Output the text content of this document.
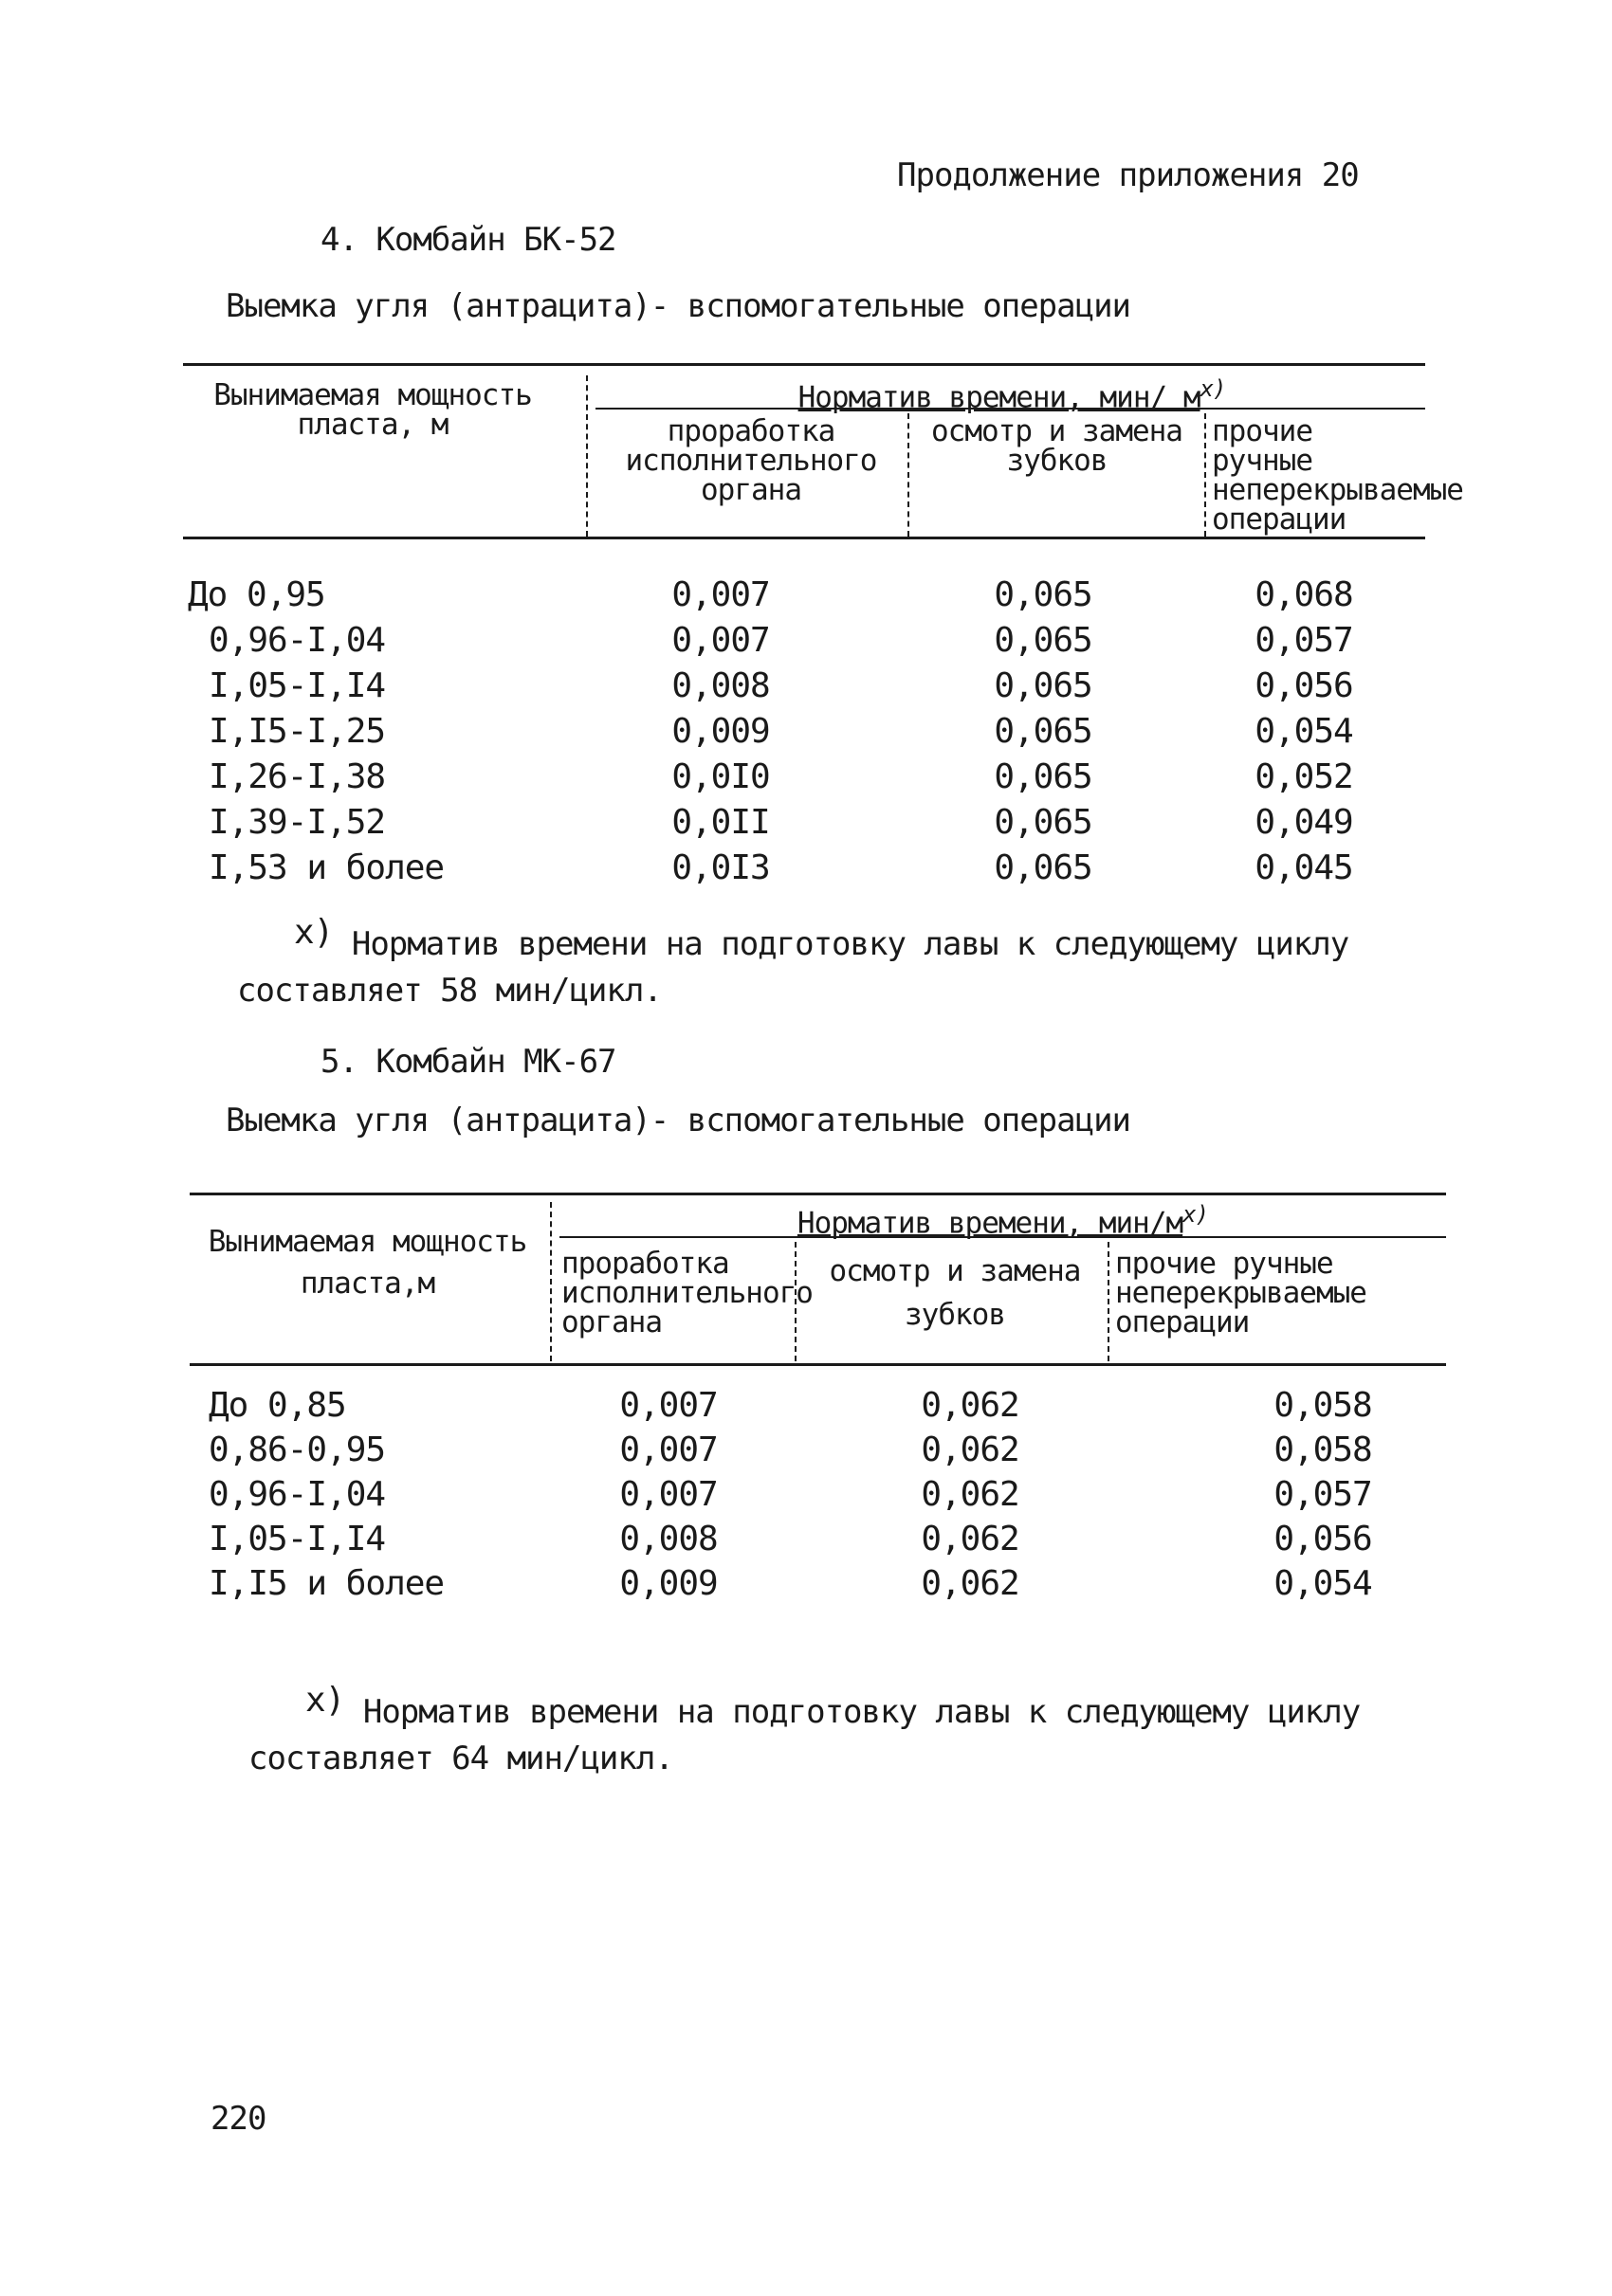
Продолжение приложения 20
4. Комбайн БК-52
Выемка угля (антрацита)- вспомогательные операции
Вынимаемая мощность пласта, м
Норматив времени, мин/ $м^{х)}$
проработка исполнительного органа
осмотр и замена зубков
прочие ручные неперекрываемые операции
До 0,95	0,007	0,065	0,068
0,96-I,04	0,007	0,065	0,057
I,05-I,I4	0,008	0,065	0,056
I,I5-I,25	0,009	0,065	0,054
I,26-I,38	0,0I0	0,065	0,052
I,39-I,52	0,0II	0,065	0,049
I,53 и более	0,0I3	0,065	0,045
х) Норматив времени на подготовку лавы к следующему циклу
составляет 58 мин/цикл.
5. Комбайн МК-67
Выемка угля (антрацита)- вспомогательные операции
Вынимаемая мощность пласта,м
Норматив времени, мин/$м^{х)}$
проработка исполнительного органа
осмотр и замена зубков
прочие ручные неперекрываемые операции
До 0,85	0,007	0,062	0,058
0,86-0,95	0,007	0,062	0,058
0,96-I,04	0,007	0,062	0,057
I,05-I,I4	0,008	0,062	0,056
I,I5 и более	0,009	0,062	0,054
х) Норматив времени на подготовку лавы к следующему циклу
составляет 64 мин/цикл.
220
